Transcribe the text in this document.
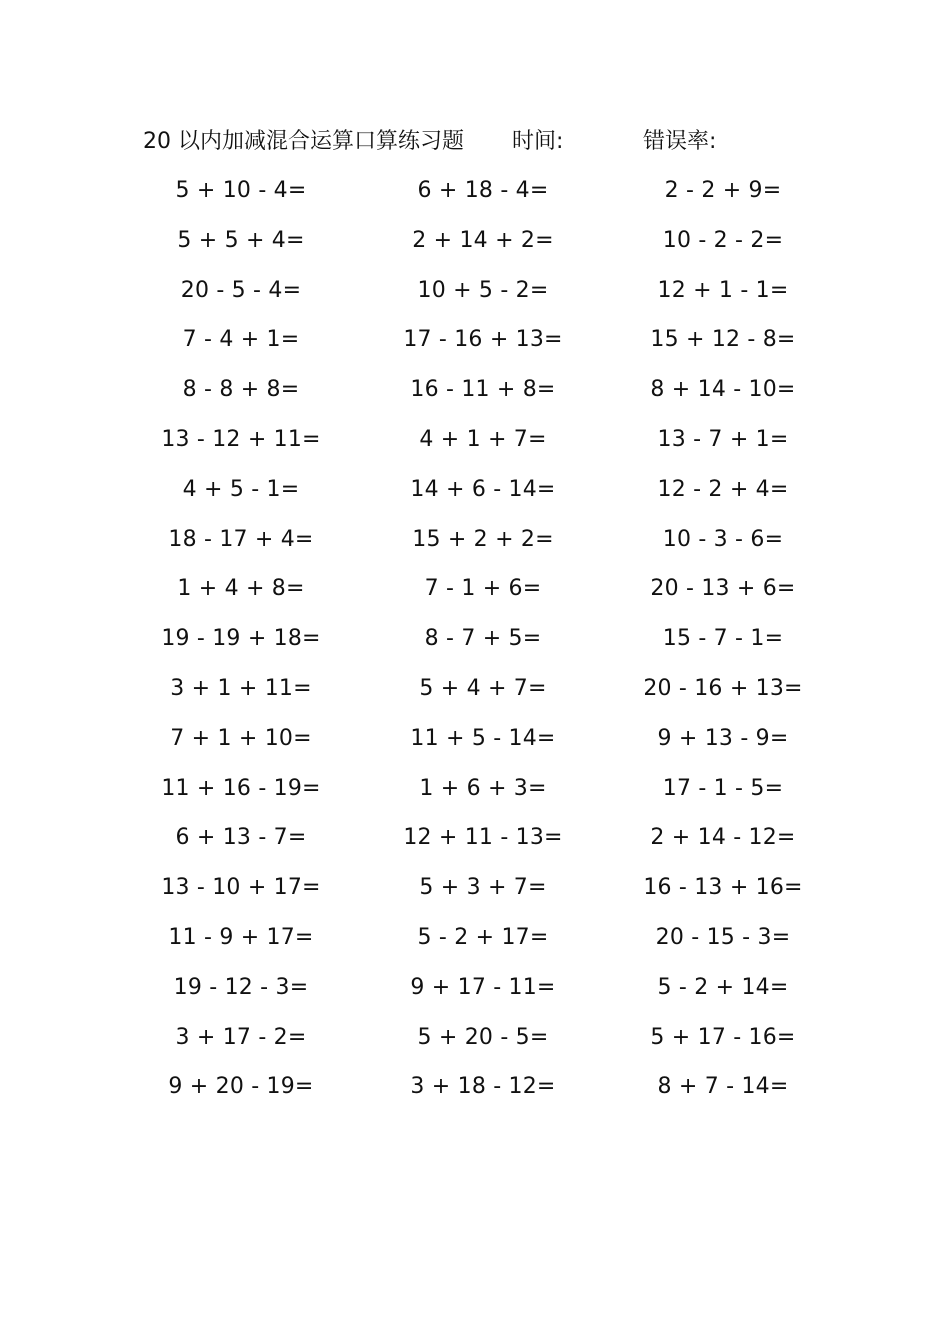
20 以内加减混合运算口算练习题 时间:	错误率:
5 + 10 - 4=
5 + 5 + 4=
20 - 5 - 4=
7 - 4 + 1=
8 - 8 + 8=
13 - 12 + 11=
4 + 5 - 1=
18 - 17 + 4=
1 + 4 + 8=
19 - 19 + 18=
3 + 1 + 11=
7 + 1 + 10=
11 + 16 - 19=
6 + 13 - 7=
13 - 10 + 17=
11 - 9 + 17=
19 - 12 - 3=
3 + 17 - 2=
9 + 20 - 19=
6 + 18 - 4=
2 + 14 + 2=
10 + 5 - 2=
17 - 16 + 13=
16 - 11 + 8=
4 + 1 + 7=
14 + 6 - 14=
15 + 2 + 2=
7 - 1 + 6=
8 - 7 + 5=
5 + 4 + 7=
11 + 5 - 14=
1 + 6 + 3=
12 + 11 - 13=
5 + 3 + 7=
5 - 2 + 17=
9 + 17 - 11=
5 + 20 - 5=
3 + 18 - 12=
2 - 2 + 9=
10 - 2 - 2=
12 + 1 - 1=
15 + 12 - 8=
8 + 14 - 10=
13 - 7 + 1=
12 - 2 + 4=
10 - 3 - 6=
20 - 13 + 6=
15 - 7 - 1=
20 - 16 + 13=
9 + 13 - 9=
17 - 1 - 5=
2 + 14 - 12=
16 - 13 + 16=
20 - 15 - 3=
5 - 2 + 14=
5 + 17 - 16=
8 + 7 - 14=
